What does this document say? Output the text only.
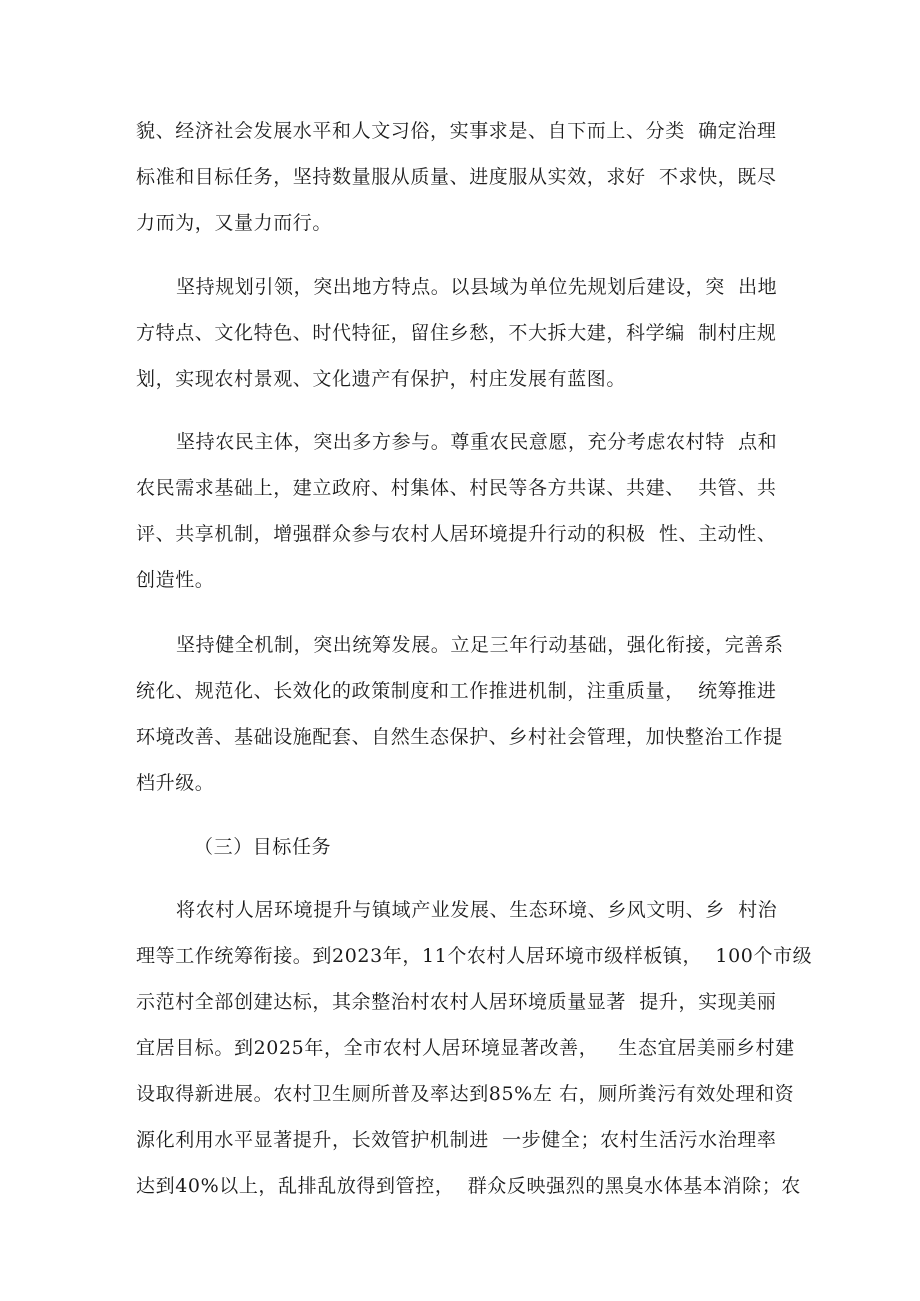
貌、经济社会发展水平和人文习俗，实事求是、自下而上、分类  确定治理
标准和目标任务，坚持数量服从质量、进度服从实效，求好  不求快，既尽
力而为，又量力而行。
坚持规划引领，突出地方特点。以县域为单位先规划后建设，突  出地
方特点、文化特色、时代特征，留住乡愁，不大拆大建，科学编  制村庄规
划，实现农村景观、文化遗产有保护，村庄发展有蓝图。
坚持农民主体，突出多方参与。尊重农民意愿，充分考虑农村特  点和
农民需求基础上，建立政府、村集体、村民等各方共谋、共建、  共管、共
评、共享机制，增强群众参与农村人居环境提升行动的积极  性、主动性、
创造性。
坚持健全机制，突出统筹发展。立足三年行动基础，强化衔接，完善系
统化、规范化、长效化的政策制度和工作推进机制，注重质量，  统筹推进
环境改善、基础设施配套、自然生态保护、乡村社会管理，加快整治工作提
档升级。
（三）目标任务
将农村人居环境提升与镇域产业发展、生态环境、乡风文明、乡  村治
理等工作统筹衔接。到2023年，11个农村人居环境市级样板镇，  100个市级
示范村全部创建达标，其余整治村农村人居环境质量显著  提升，实现美丽
宜居目标。到2025年，全市农村人居环境显著改善，   生态宜居美丽乡村建
设取得新进展。农村卫生厕所普及率达到85%左 右，厕所粪污有效处理和资
源化利用水平显著提升，长效管护机制进  一步健全；农村生活污水治理率
达到40%以上，乱排乱放得到管控，  群众反映强烈的黑臭水体基本消除；农
